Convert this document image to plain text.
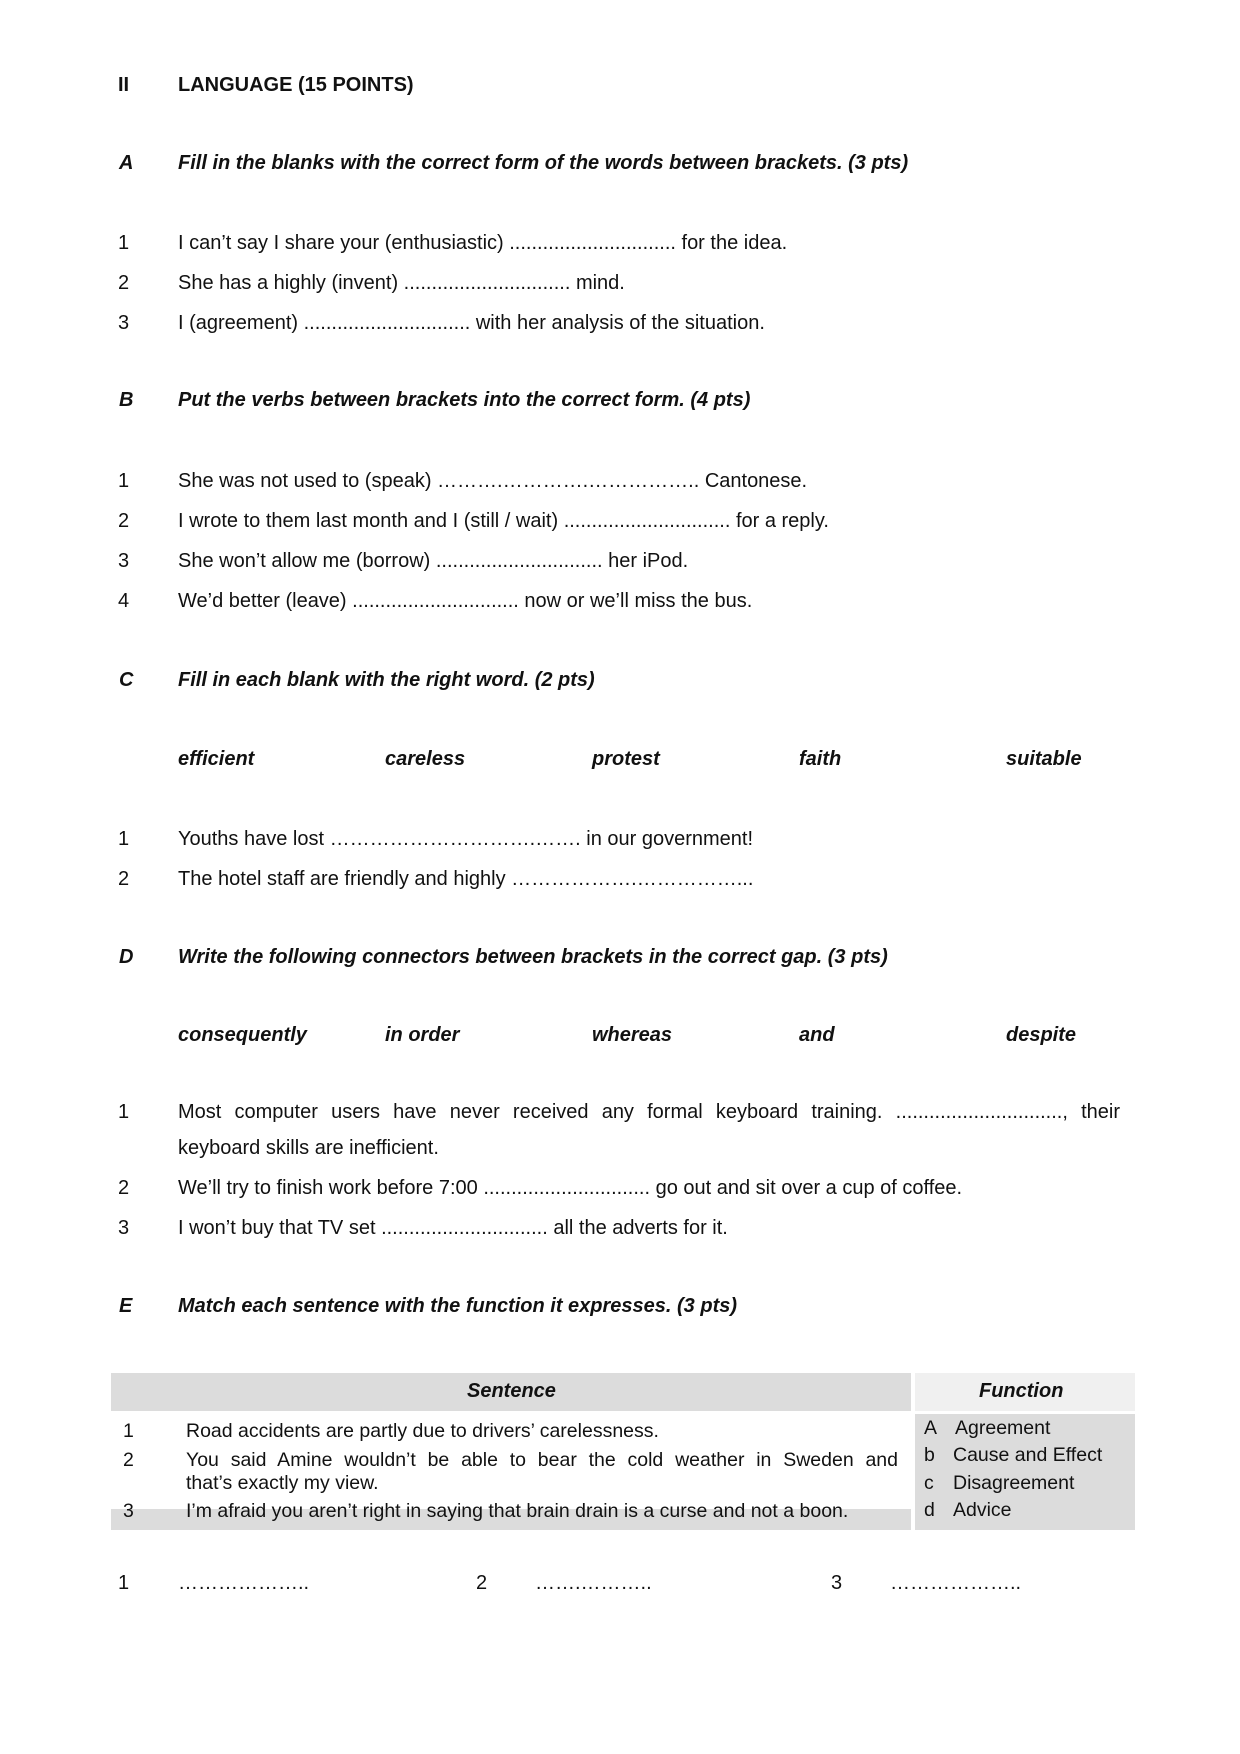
II LANGUAGE (15 POINTS)
A Fill in the blanks with the correct form of the words between brackets. (3 pts)
1 I can’t say I share your (enthusiastic) .............................. for the idea.
2 She has a highly (invent) .............................. mind.
3 I (agreement) .............................. with her analysis of the situation.
B Put the verbs between brackets into the correct form. (4 pts)
1 She was not used to (speak) ……….………….…………….. Cantonese.
2 I wrote to them last month and I (still / wait) .............................. for a reply.
3 She won’t allow me (borrow) .............................. her iPod.
4 We’d better (leave) .............................. now or we’ll miss the bus.
C Fill in each blank with the right word. (2 pts)
efficient	careless	protest	faith	suitable
1 Youths have lost ………………………….……. in our government!
2 The hotel staff are friendly and highly ……………….……………...
D Write the following connectors between brackets in the correct gap. (3 pts)
consequently	in order	whereas	and	despite
1 Most computer users have never received any formal keyboard training. .............................., their
keyboard skills are inefficient.
2 We’ll try to finish work before 7:00 .............................. go out and sit over a cup of coffee.
3 I won’t buy that TV set .............................. all the adverts for it.
E Match each sentence with the function it expresses. (3 pts)
Sentence	Function
1	Road accidents are partly due to drivers’ carelessness.
2	You said Amine wouldn’t be able to bear the cold weather in Sweden and
that’s exactly my view.
3	I’m afraid you aren’t right in saying that brain drain is a curse and not a boon.
A Agreement
b Cause and Effect
c Disagreement
d Advice
1 ………………..	2 …….………..	3 ………………..
